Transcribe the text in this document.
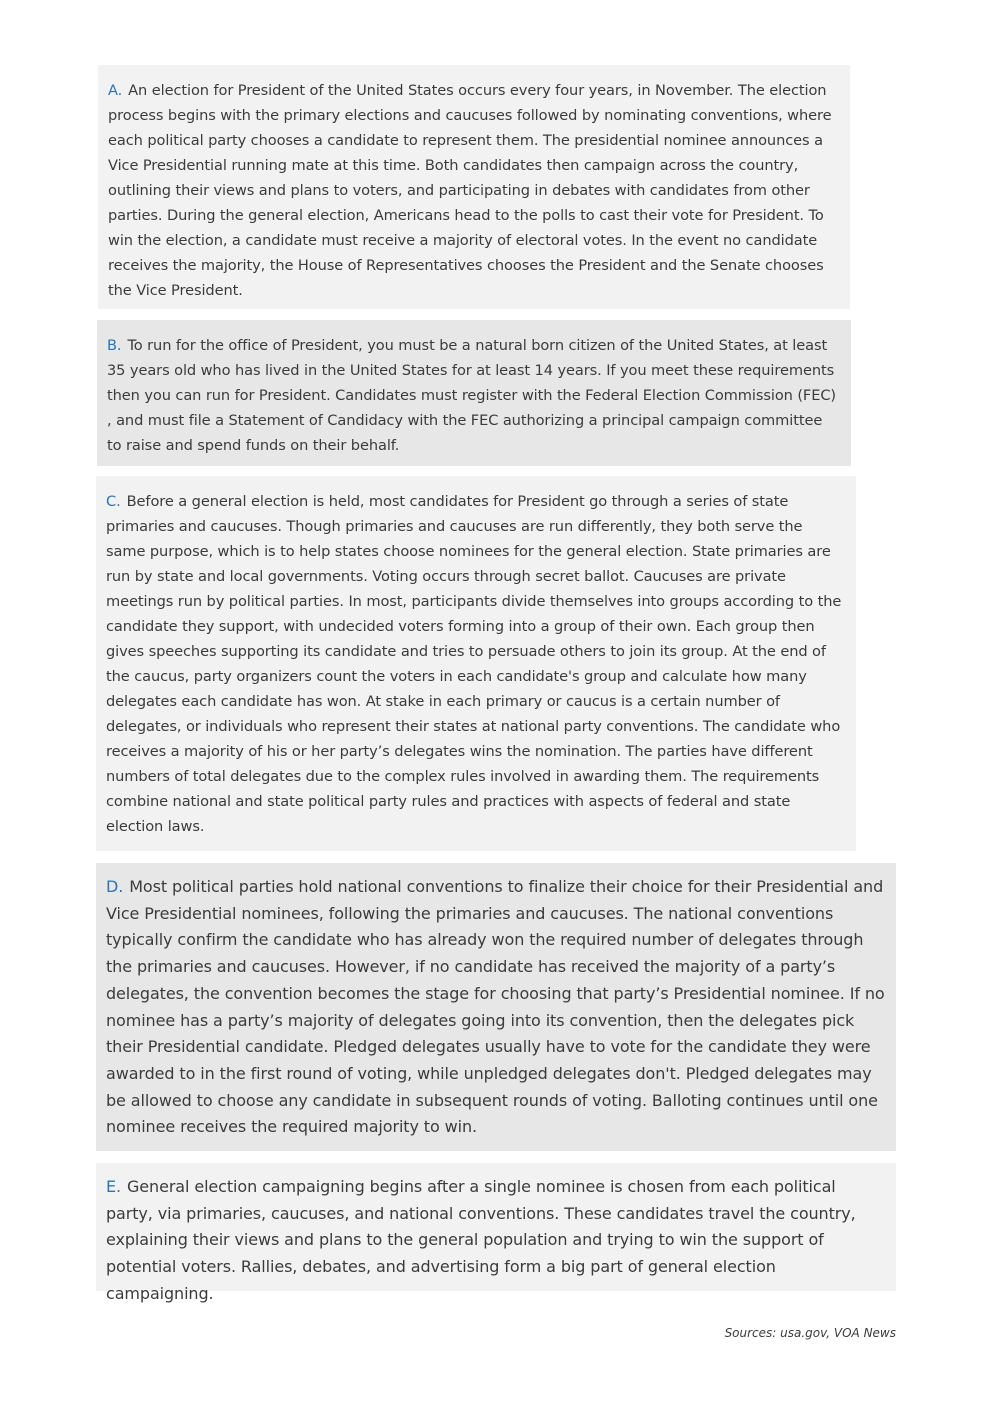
A. An election for President of the United States occurs every four years, in November. The election process begins with the primary elections and caucuses followed by nominating conventions, where each political party chooses a candidate to represent them. The presidential nominee announces a Vice Presidential running mate at this time. Both candidates then campaign across the country, outlining their views and plans to voters, and participating in debates with candidates from other parties. During the general election, Americans head to the polls to cast their vote for President. To win the election, a candidate must receive a majority of electoral votes. In the event no candidate receives the majority, the House of Representatives chooses the President and the Senate chooses the Vice President.

B. To run for the office of President, you must be a natural born citizen of the United States, at least 35 years old who has lived in the United States for at least 14 years. If you meet these requirements then you can run for President. Candidates must register with the Federal Election Commission (FEC) , and must file a Statement of Candidacy with the FEC authorizing a principal campaign committee to raise and spend funds on their behalf.

C. Before a general election is held, most candidates for President go through a series of state primaries and caucuses. Though primaries and caucuses are run differently, they both serve the same purpose, which is to help states choose nominees for the general election. State primaries are run by state and local governments. Voting occurs through secret ballot. Caucuses are private meetings run by political parties. In most, participants divide themselves into groups according to the candidate they support, with undecided voters forming into a group of their own. Each group then gives speeches supporting its candidate and tries to persuade others to join its group. At the end of the caucus, party organizers count the voters in each candidate's group and calculate how many delegates each candidate has won. At stake in each primary or caucus is a certain number of delegates, or individuals who represent their states at national party conventions. The candidate who receives a majority of his or her party’s delegates wins the nomination. The parties have different numbers of total delegates due to the complex rules involved in awarding them. The requirements combine national and state political party rules and practices with aspects of federal and state election laws.

D. Most political parties hold national conventions to finalize their choice for their Presidential and Vice Presidential nominees, following the primaries and caucuses. The national conventions typically confirm the candidate who has already won the required number of delegates through the primaries and caucuses. However, if no candidate has received the majority of a party’s delegates, the convention becomes the stage for choosing that party’s Presidential nominee. If no nominee has a party’s majority of delegates going into its convention, then the delegates pick their Presidential candidate. Pledged delegates usually have to vote for the candidate they were awarded to in the first round of voting, while unpledged delegates don't. Pledged delegates may be allowed to choose any candidate in subsequent rounds of voting. Balloting continues until one nominee receives the required majority to win.

E. General election campaigning begins after a single nominee is chosen from each political party, via primaries, caucuses, and national conventions. These candidates travel the country, explaining their views and plans to the general population and trying to win the support of potential voters. Rallies, debates, and advertising form a big part of general election campaigning.

Sources: usa.gov, VOA News
